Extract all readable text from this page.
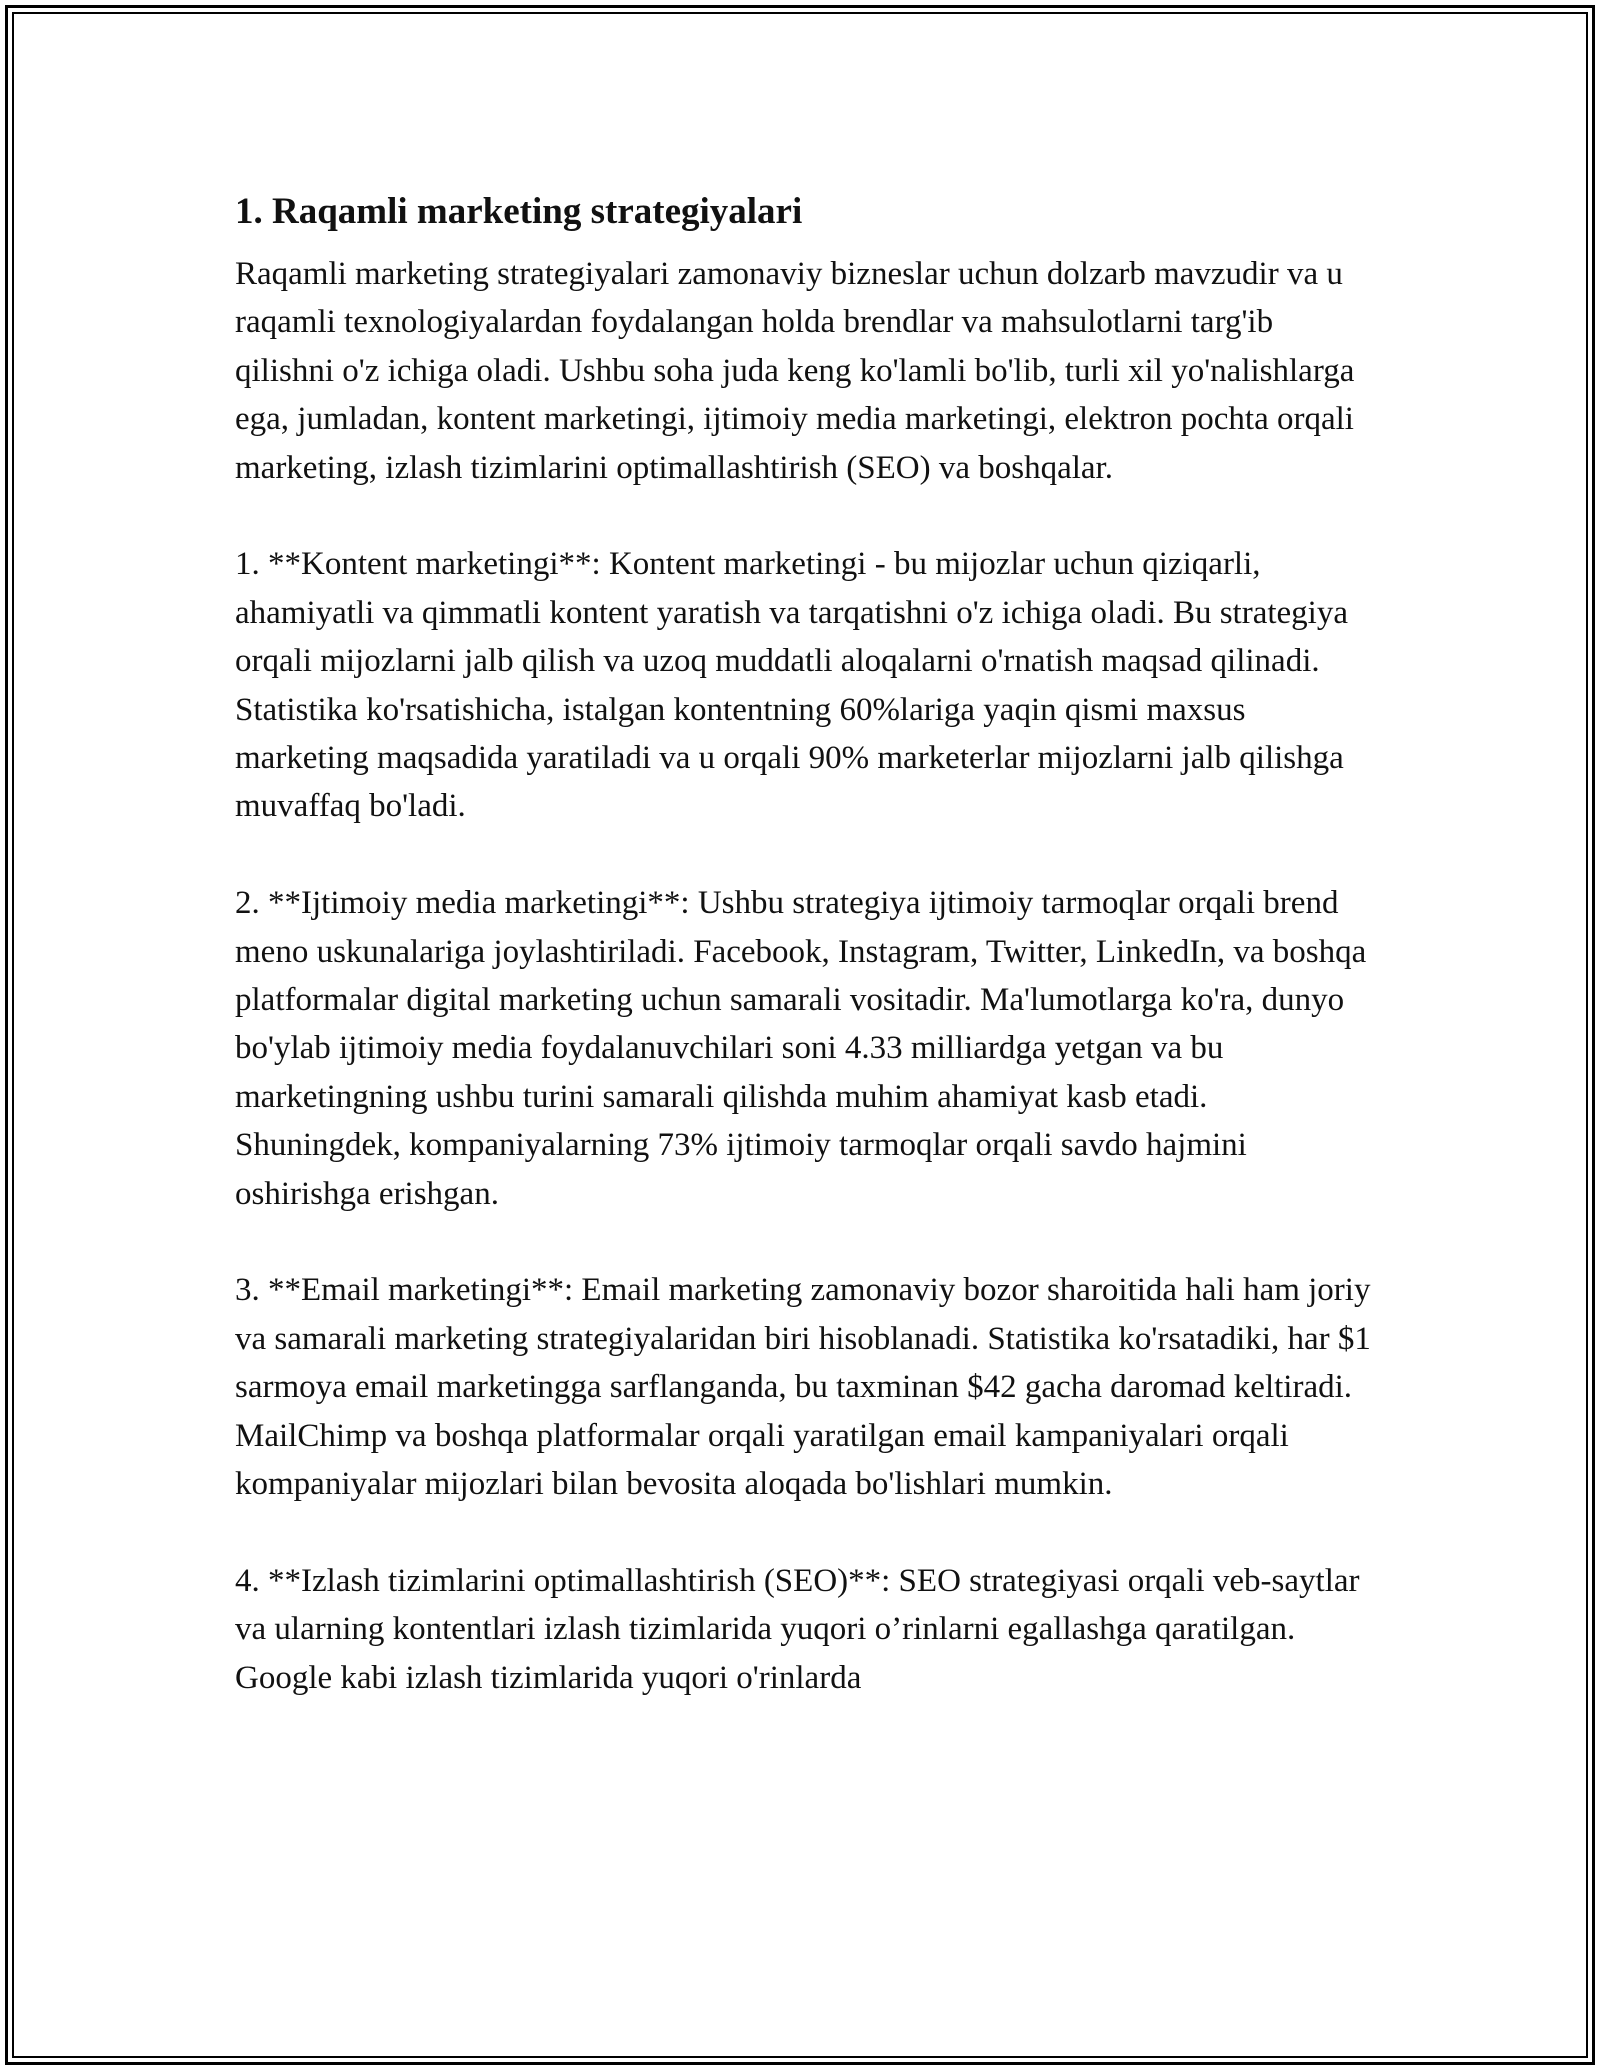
1. Raqamli marketing strategiyalari

Raqamli marketing strategiyalari zamonaviy bizneslar uchun dolzarb mavzudir va u raqamli texnologiyalardan foydalangan holda brendlar va mahsulotlarni targ'ib qilishni o'z ichiga oladi. Ushbu soha juda keng ko'lamli bo'lib, turli xil yo'nalishlarga ega, jumladan, kontent marketingi, ijtimoiy media marketingi, elektron pochta orqali marketing, izlash tizimlarini optimallashtirish (SEO) va boshqalar.

1. **Kontent marketingi**: Kontent marketingi - bu mijozlar uchun qiziqarli, ahamiyatli va qimmatli kontent yaratish va tarqatishni o'z ichiga oladi. Bu strategiya orqali mijozlarni jalb qilish va uzoq muddatli aloqalarni o'rnatish maqsad qilinadi. Statistika ko'rsatishicha, istalgan kontentning 60%lariga yaqin qismi maxsus marketing maqsadida yaratiladi va u orqali 90% marketerlar mijozlarni jalb qilishga muvaffaq bo'ladi.

2. **Ijtimoiy media marketingi**: Ushbu strategiya ijtimoiy tarmoqlar orqali brend meno uskunalariga joylashtiriladi. Facebook, Instagram, Twitter, LinkedIn, va boshqa platformalar digital marketing uchun samarali vositadir. Ma'lumotlarga ko'ra, dunyo bo'ylab ijtimoiy media foydalanuvchilari soni 4.33 milliardga yetgan va bu marketingning ushbu turini samarali qilishda muhim ahamiyat kasb etadi. Shuningdek, kompaniyalarning 73% ijtimoiy tarmoqlar orqali savdo hajmini oshirishga erishgan.

3. **Email marketingi**: Email marketing zamonaviy bozor sharoitida hali ham joriy va samarali marketing strategiyalaridan biri hisoblanadi. Statistika ko'rsatadiki, har $1 sarmoya email marketingga sarflanganda, bu taxminan $42 gacha daromad keltiradi. MailChimp va boshqa platformalar orqali yaratilgan email kampaniyalari orqali kompaniyalar mijozlari bilan bevosita aloqada bo'lishlari mumkin.

4. **Izlash tizimlarini optimallashtirish (SEO)**: SEO strategiyasi orqali veb-saytlar va ularning kontentlari izlash tizimlarida yuqori o’rinlarni egallashga qaratilgan. Google kabi izlash tizimlarida yuqori o'rinlarda
